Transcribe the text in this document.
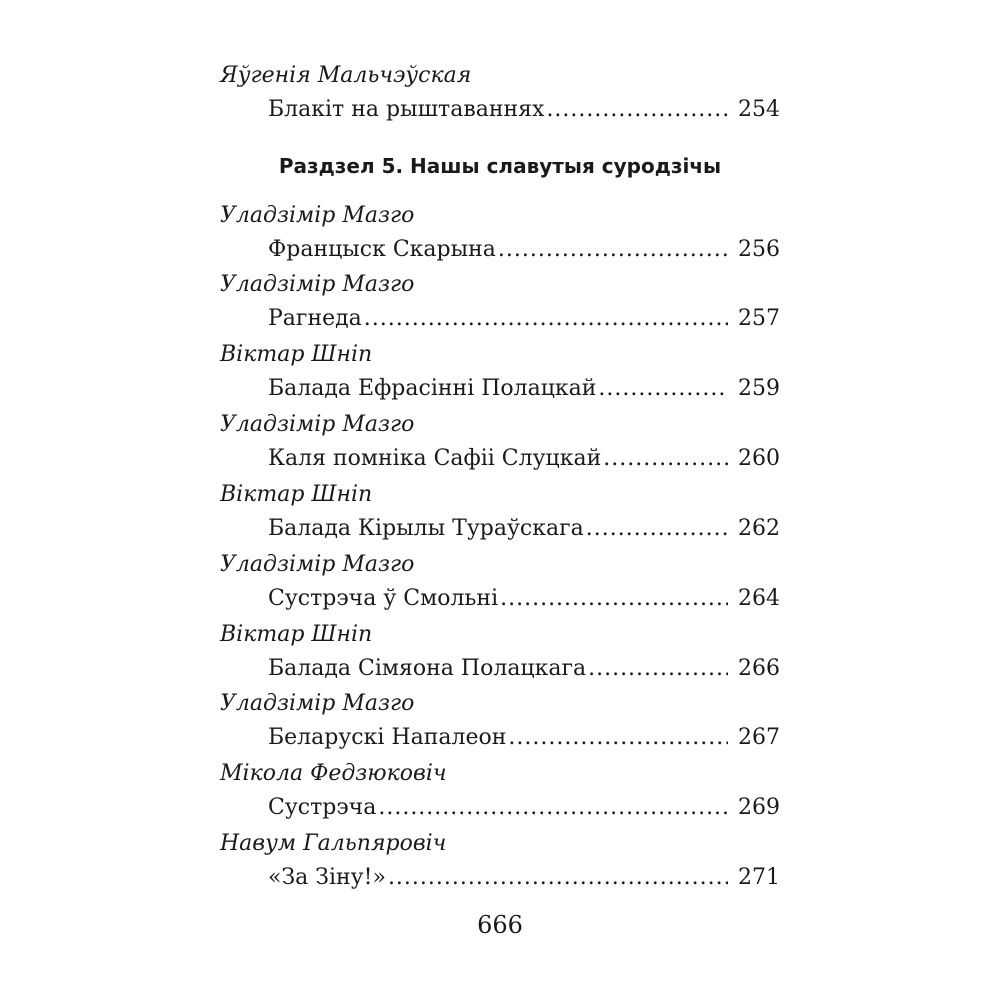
Яўгенія Мальчэўская
Блакіт на рыштаваннях .....	254
Раздзел 5. Нашы славутыя суродзічы
Уладзімір Мазго
Францыск Скарына .....	256
Уладзімір Мазго
Рагнеда .....	257
Віктар Шніп
Балада Ефрасінні Полацкай .....	259
Уладзімір Мазго
Каля помніка Сафіі Слуцкай .....	260
Віктар Шніп
Балада Кірылы Тураўскага .....	262
Уладзімір Мазго
Сустрэча ў Смольні .....	264
Віктар Шніп
Балада Сімяона Полацкага .....	266
Уладзімір Мазго
Беларускі Напалеон .....	267
Мікола Федзюковіч
Сустрэча .....	269
Навум Гальпяровіч
«За Зіну!» .....	271
666
